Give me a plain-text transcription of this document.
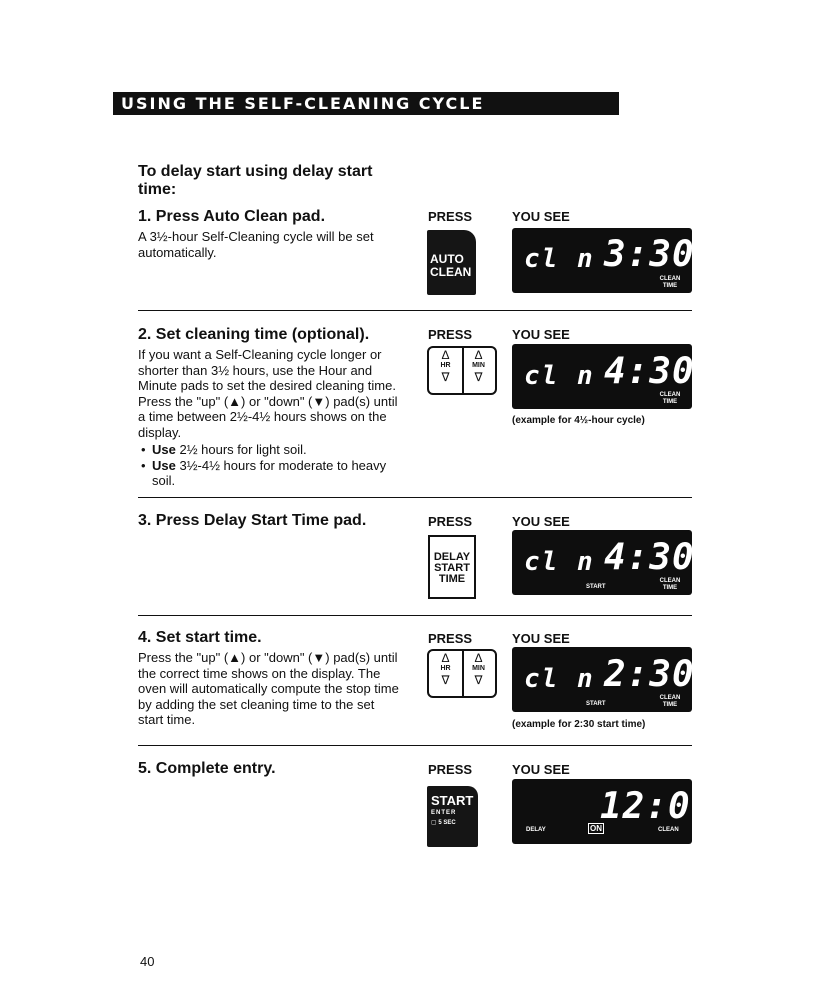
USING THE SELF-CLEANING CYCLE
To delay start using delay start time:
1. Press Auto Clean pad.

A 3½-hour Self-Cleaning cycle will be set automatically.

PRESS	YOU SEE
AUTO
CLEAN cl n 3:30
CLEAN TIME
2. Set cleaning time (optional).

If you want a Self-Cleaning cycle longer or shorter than 3½ hours, use the Hour and Minute pads to set the desired cleaning time. Press the "up" (▲) or "down" (▼) pad(s) until a time between 2½-4½ hours shows on the display.

• Use 2½ hours for light soil.
• Use 3½-4½ hours for moderate to heavy soil.
PRESS	YOU SEE
Δ
HR
∇
Δ
MIN
∇	cl n 4:30
CLEAN TIME
(example for 4½-hour cycle)
3. Press Delay Start Time pad.	PRESS	YOU SEE
DELAY
START
TIME
cl n 4:30
START
CLEAN TIME
4. Set start time.

Press the "up" (▲) or "down" (▼) pad(s) until the correct time shows on the display. The oven will automatically compute the stop time by adding the set cleaning time to the set start time.

PRESS	YOU SEE
Δ
HR
∇
Δ
MIN
∇	cl n 2:30
START
CLEAN TIME
(example for 2:30 start time)
5. Complete entry.	PRESS	YOU SEE
START
ENTER
▢ 5 SEC	12:00
DELAY	ON	CLEAN
40
